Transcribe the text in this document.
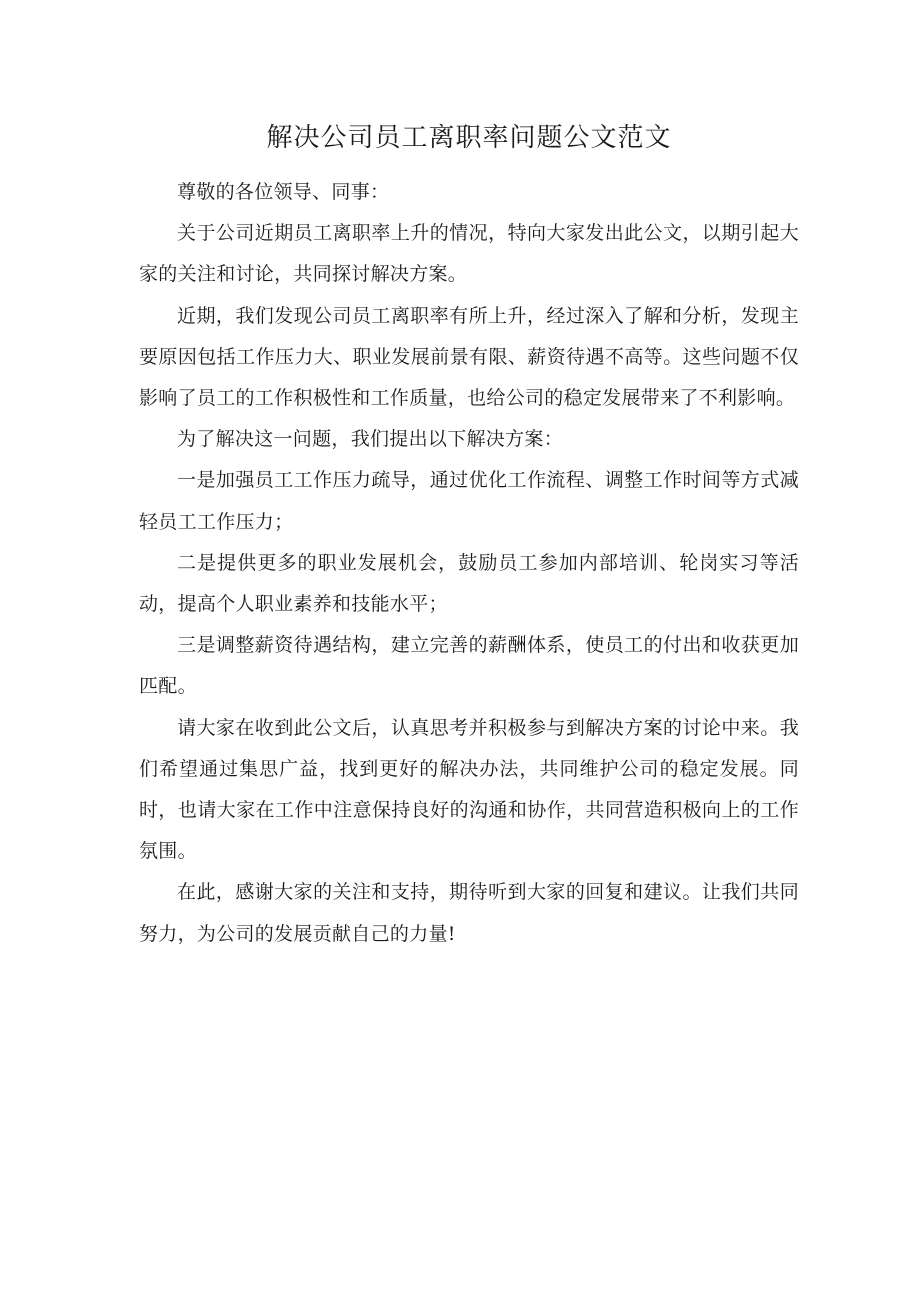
解决公司员工离职率问题公文范文

尊敬的各位领导、同事：

关于公司近期员工离职率上升的情况，特向大家发出此公文，以期引起大家的关注和讨论，共同探讨解决方案。

近期，我们发现公司员工离职率有所上升，经过深入了解和分析，发现主要原因包括工作压力大、职业发展前景有限、薪资待遇不高等。这些问题不仅影响了员工的工作积极性和工作质量，也给公司的稳定发展带来了不利影响。

为了解决这一问题，我们提出以下解决方案：

一是加强员工工作压力疏导，通过优化工作流程、调整工作时间等方式减轻员工工作压力；

二是提供更多的职业发展机会，鼓励员工参加内部培训、轮岗实习等活动，提高个人职业素养和技能水平；

三是调整薪资待遇结构，建立完善的薪酬体系，使员工的付出和收获更加匹配。

请大家在收到此公文后，认真思考并积极参与到解决方案的讨论中来。我们希望通过集思广益，找到更好的解决办法，共同维护公司的稳定发展。同时，也请大家在工作中注意保持良好的沟通和协作，共同营造积极向上的工作氛围。

在此，感谢大家的关注和支持，期待听到大家的回复和建议。让我们共同努力，为公司的发展贡献自己的力量!
